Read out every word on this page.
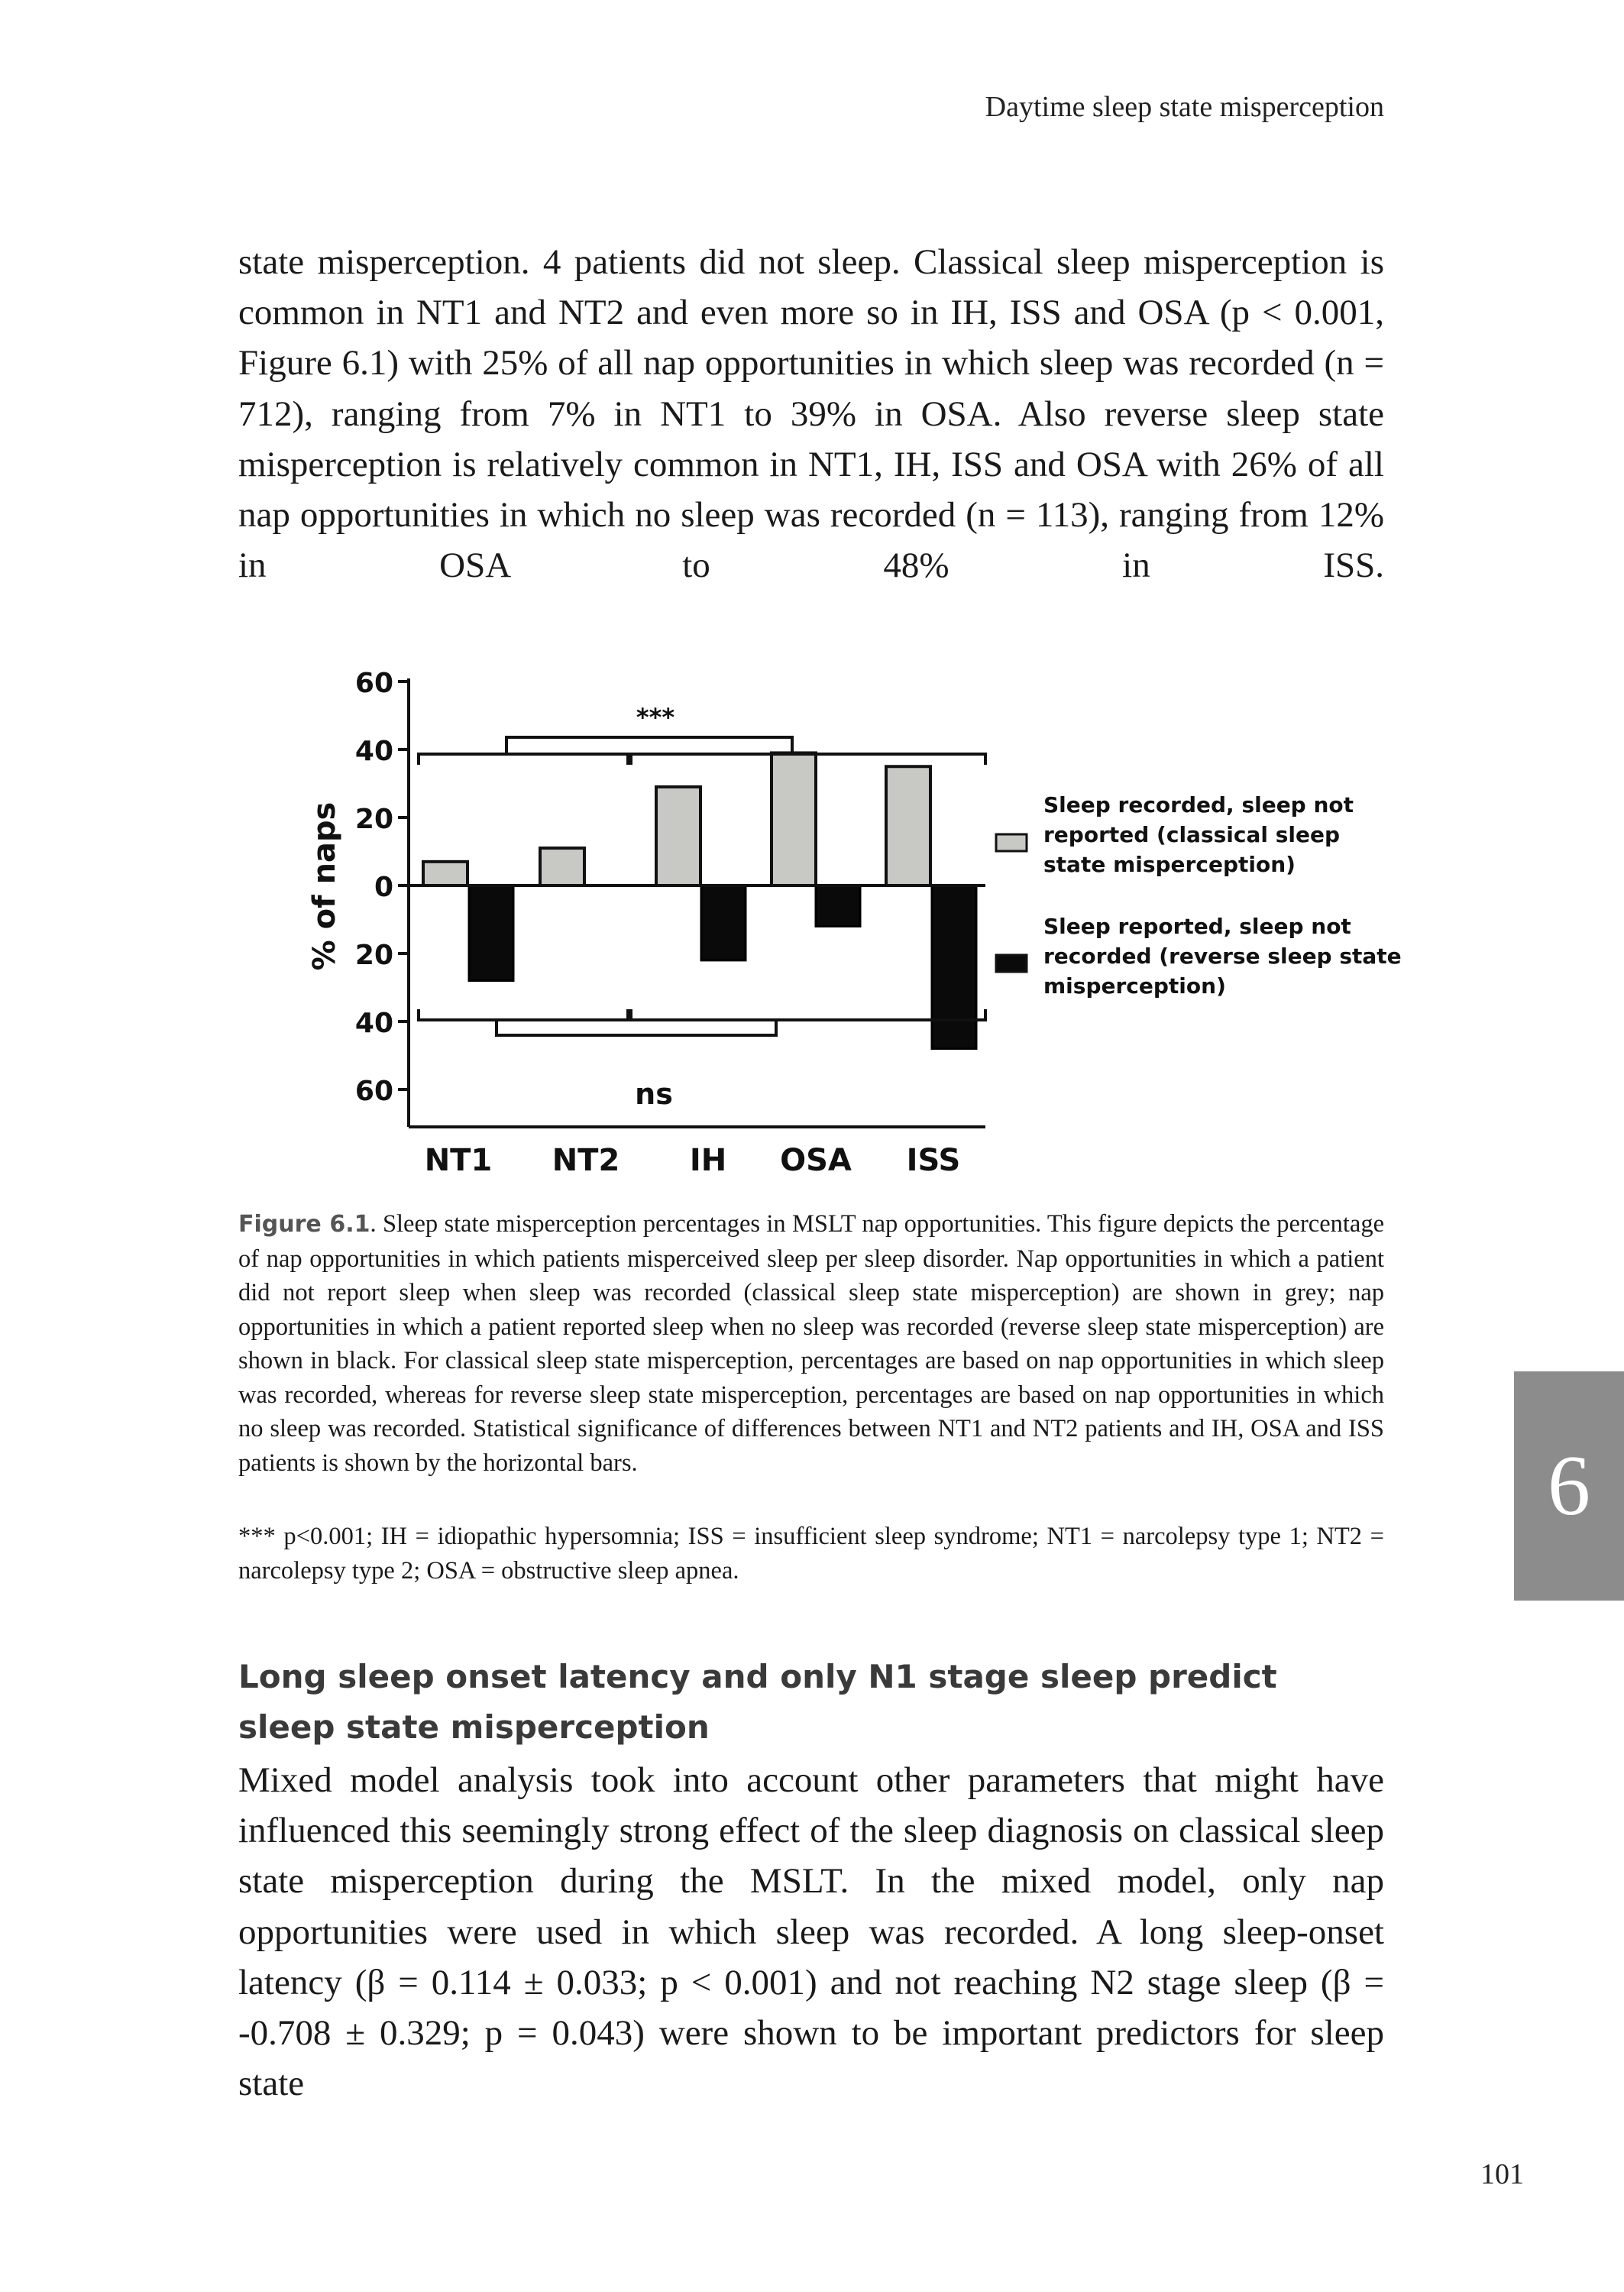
Daytime sleep state misperception

state misperception. 4 patients did not sleep. Classical sleep misperception is common in NT1 and NT2 and even more so in IH, ISS and OSA (p < 0.001, Figure 6.1) with 25% of all nap opportunities in which sleep was recorded (n = 712), ranging from 7% in NT1 to 39% in OSA. Also reverse sleep state misperception is relatively common in NT1, IH, ISS and OSA with 26% of all nap opportunities in which no sleep was recorded (n = 113), ranging from 12% in OSA to 48% in ISS.

60
40
20
0
20
40
60
***
ns
% of naps
NT1 NT2 IH OSA ISS
Sleep recorded, sleep not reported (classical sleep state misperception)
Sleep reported, sleep not recorded (reverse sleep state misperception)

Figure 6.1. Sleep state misperception percentages in MSLT nap opportunities. This figure depicts the percentage of nap opportunities in which patients misperceived sleep per sleep disorder. Nap opportunities in which a patient did not report sleep when sleep was recorded (classical sleep state misperception) are shown in grey; nap opportunities in which a patient reported sleep when no sleep was recorded (reverse sleep state misperception) are shown in black. For classical sleep state misperception, percentages are based on nap opportunities in which sleep was recorded, whereas for reverse sleep state misperception, percentages are based on nap opportunities in which no sleep was recorded. Statistical significance of differences between NT1 and NT2 patients and IH, OSA and ISS patients is shown by the horizontal bars.

*** p<0.001; IH = idiopathic hypersomnia; ISS = insufficient sleep syndrome; NT1 = narcolepsy type 1; NT2 = narcolepsy type 2; OSA = obstructive sleep apnea.

Long sleep onset latency and only N1 stage sleep predict sleep state misperception

Mixed model analysis took into account other parameters that might have influenced this seemingly strong effect of the sleep diagnosis on classical sleep state misperception during the MSLT. In the mixed model, only nap opportunities were used in which sleep was recorded. A long sleep-onset latency (β = 0.114 ± 0.033; p < 0.001) and not reaching N2 stage sleep (β = -0.708 ± 0.329; p = 0.043) were shown to be important predictors for sleep state

6
101
